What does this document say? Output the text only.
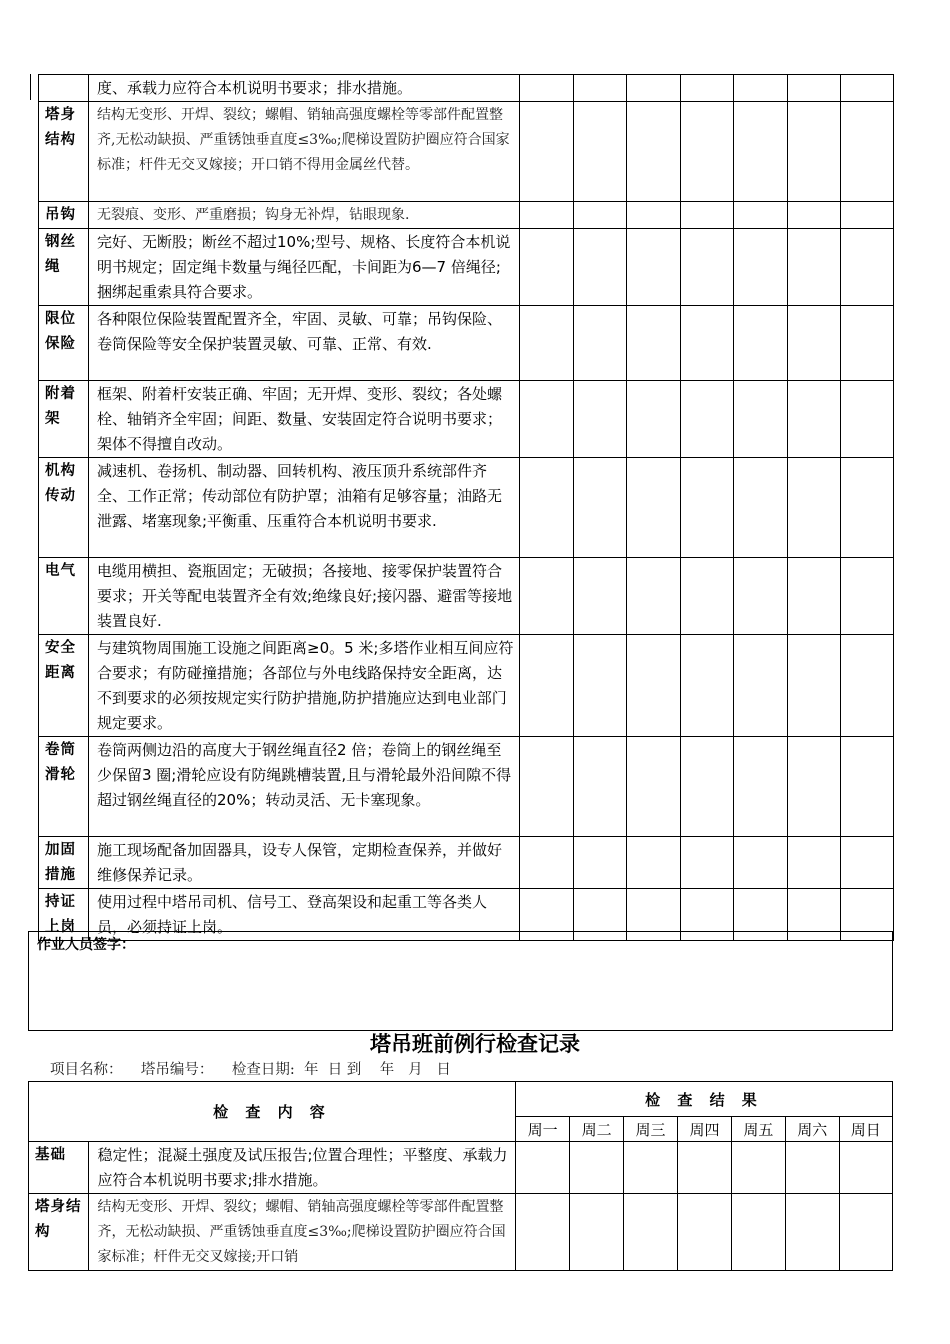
	度、承载力应符合本机说明书要求；排水措施。							
塔身结构	结构无变形、开焊、裂纹；螺帽、销轴高强度螺栓等零部件配置整齐,无松动缺损、严重锈蚀垂直度≤3‰;爬梯设置防护圈应符合国家标准；杆件无交叉嫁接；开口销不得用金属丝代替。							
吊钩	无裂痕、变形、严重磨损；钩身无补焊，钻眼现象.							
钢丝绳	完好、无断股；断丝不超过10%;型号、规格、长度符合本机说明书规定；固定绳卡数量与绳径匹配，卡间距为6—7 倍绳径;捆绑起重索具符合要求。							
限位保险	各种限位保险装置配置齐全，牢固、灵敏、可靠；吊钩保险、卷筒保险等安全保护装置灵敏、可靠、正常、有效.							
附着架	框架、附着杆安装正确、牢固；无开焊、变形、裂纹；各处螺栓、轴销齐全牢固；间距、数量、安装固定符合说明书要求；架体不得擅自改动。							
机构传动	减速机、卷扬机、制动器、回转机构、液压顶升系统部件齐全、工作正常；传动部位有防护罩；油箱有足够容量；油路无泄露、堵塞现象;平衡重、压重符合本机说明书要求.							
电气	电缆用横担、瓷瓶固定；无破损；各接地、接零保护装置符合要求；开关等配电装置齐全有效;绝缘良好;接闪器、避雷等接地装置良好.							
安全距离	与建筑物周围施工设施之间距离≥0。5 米;多塔作业相互间应符合要求；有防碰撞措施；各部位与外电线路保持安全距离，达不到要求的必须按规定实行防护措施,防护措施应达到电业部门规定要求。							
卷筒滑轮	卷筒两侧边沿的高度大于钢丝绳直径2 倍；卷筒上的钢丝绳至少保留3 圈;滑轮应设有防绳跳槽装置,且与滑轮最外沿间隙不得超过钢丝绳直径的20%；转动灵活、无卡塞现象。							
加固措施	施工现场配备加固器具，设专人保管，定期检查保养，并做好维修保养记录。							
持证上岗	使用过程中塔吊司机、信号工、登高架设和起重工等各类人员，必须持证上岗。							
作业人员签字：
塔吊班前例行检查记录
项目名称：    塔吊编号：    检查日期:  年  日 到    年   月   日
检 查 内 容		检 查 结 果						
		周一	周二	周三	周四	周五	周六	周日
基础	稳定性；混凝土强度及试压报告;位置合理性；平整度、承载力应符合本机说明书要求;排水措施。							
塔身结构	结构无变形、开焊、裂纹；螺帽、销轴高强度螺栓等零部件配置整齐，无松动缺损、严重锈蚀垂直度≤3‰;爬梯设置防护圈应符合国家标准；杆件无交叉嫁接;开口销							
